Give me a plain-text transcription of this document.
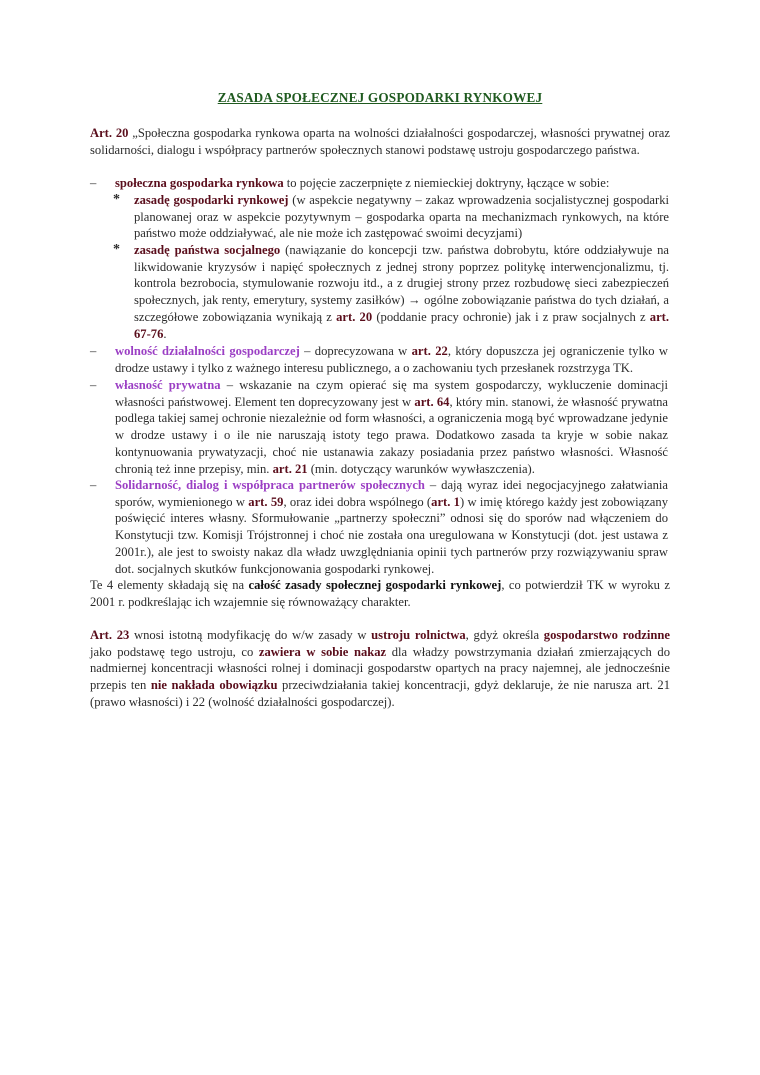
ZASADA SPOŁECZNEJ GOSPODARKI RYNKOWEJ
Art. 20 „Społeczna gospodarka rynkowa oparta na wolności działalności gospodarczej, własności prywatnej oraz solidarności, dialogu i współpracy partnerów społecznych stanowi podstawę ustroju gospodarczego państwa.
– społeczna gospodarka rynkowa to pojęcie zaczerpnięte z niemieckiej doktryny, łączące w sobie:
* zasadę gospodarki rynkowej (w aspekcie negatywny – zakaz wprowadzenia socjalistycznej gospodarki planowanej oraz w aspekcie pozytywnym – gospodarka oparta na mechanizmach rynkowych, na które państwo może oddziaływać, ale nie może ich zastępować swoimi decyzjami)
* zasadę państwa socjalnego (nawiązanie do koncepcji tzw. państwa dobrobytu, które oddziaływuje na likwidowanie kryzysów i napięć społecznych z jednej strony poprzez politykę interwencjonalizmu, tj. kontrola bezrobocia, stymulowanie rozwoju itd., a z drugiej strony przez rozbudowę sieci zabezpieczeń społecznych, jak renty, emerytury, systemy zasiłków) → ogólne zobowiązanie państwa do tych działań, a szczegółowe zobowiązania wynikają z art. 20 (poddanie pracy ochronie) jak i z praw socjalnych z art. 67-76.
– wolność działalności gospodarczej – doprecyzowana w art. 22, który dopuszcza jej ograniczenie tylko w drodze ustawy i tylko z ważnego interesu publicznego, a o zachowaniu tych przesłanek rozstrzyga TK.
– własność prywatna – wskazanie na czym opierać się ma system gospodarczy, wykluczenie dominacji własności państwowej. Element ten doprecyzowany jest w art. 64, który min. stanowi, że własność prywatna podlega takiej samej ochronie niezależnie od form własności, a ograniczenia mogą być wprowadzane jedynie w drodze ustawy i o ile nie naruszają istoty tego prawa. Dodatkowo zasada ta kryje w sobie nakaz kontynuowania prywatyzacji, choć nie ustanawia zakazy posiadania przez państwo własności. Własność chronią też inne przepisy, min. art. 21 (min. dotyczący warunków wywłaszczenia).
– Solidarność, dialog i współpraca partnerów społecznych – dają wyraz idei negocjacyjnego załatwiania sporów, wymienionego w art. 59, oraz idei dobra wspólnego (art. 1) w imię którego każdy jest zobowiązany poświęcić interes własny. Sformułowanie „partnerzy społeczni” odnosi się do sporów nad włączeniem do Konstytucji tzw. Komisji Trójstronnej i choć nie została ona uregulowana w Konstytucji (dot. jest ustawa z 2001r.), ale jest to swoisty nakaz dla władz uwzględniania opinii tych partnerów przy rozwiązywaniu spraw dot. socjalnych skutków funkcjonowania gospodarki rynkowej.
Te 4 elementy składają się na całość zasady społecznej gospodarki rynkowej, co potwierdził TK w wyroku z 2001 r. podkreślając ich wzajemnie się równoważący charakter.
Art. 23 wnosi istotną modyfikację do w/w zasady w ustroju rolnictwa, gdyż określa gospodarstwo rodzinne jako podstawę tego ustroju, co zawiera w sobie nakaz dla władzy powstrzymania działań zmierzających do nadmiernej koncentracji własności rolnej i dominacji gospodarstw opartych na pracy najemnej, ale jednocześnie przepis ten nie nakłada obowiązku przeciwdziałania takiej koncentracji, gdyż deklaruje, że nie narusza art. 21 (prawo własności) i 22 (wolność działalności gospodarczej).
